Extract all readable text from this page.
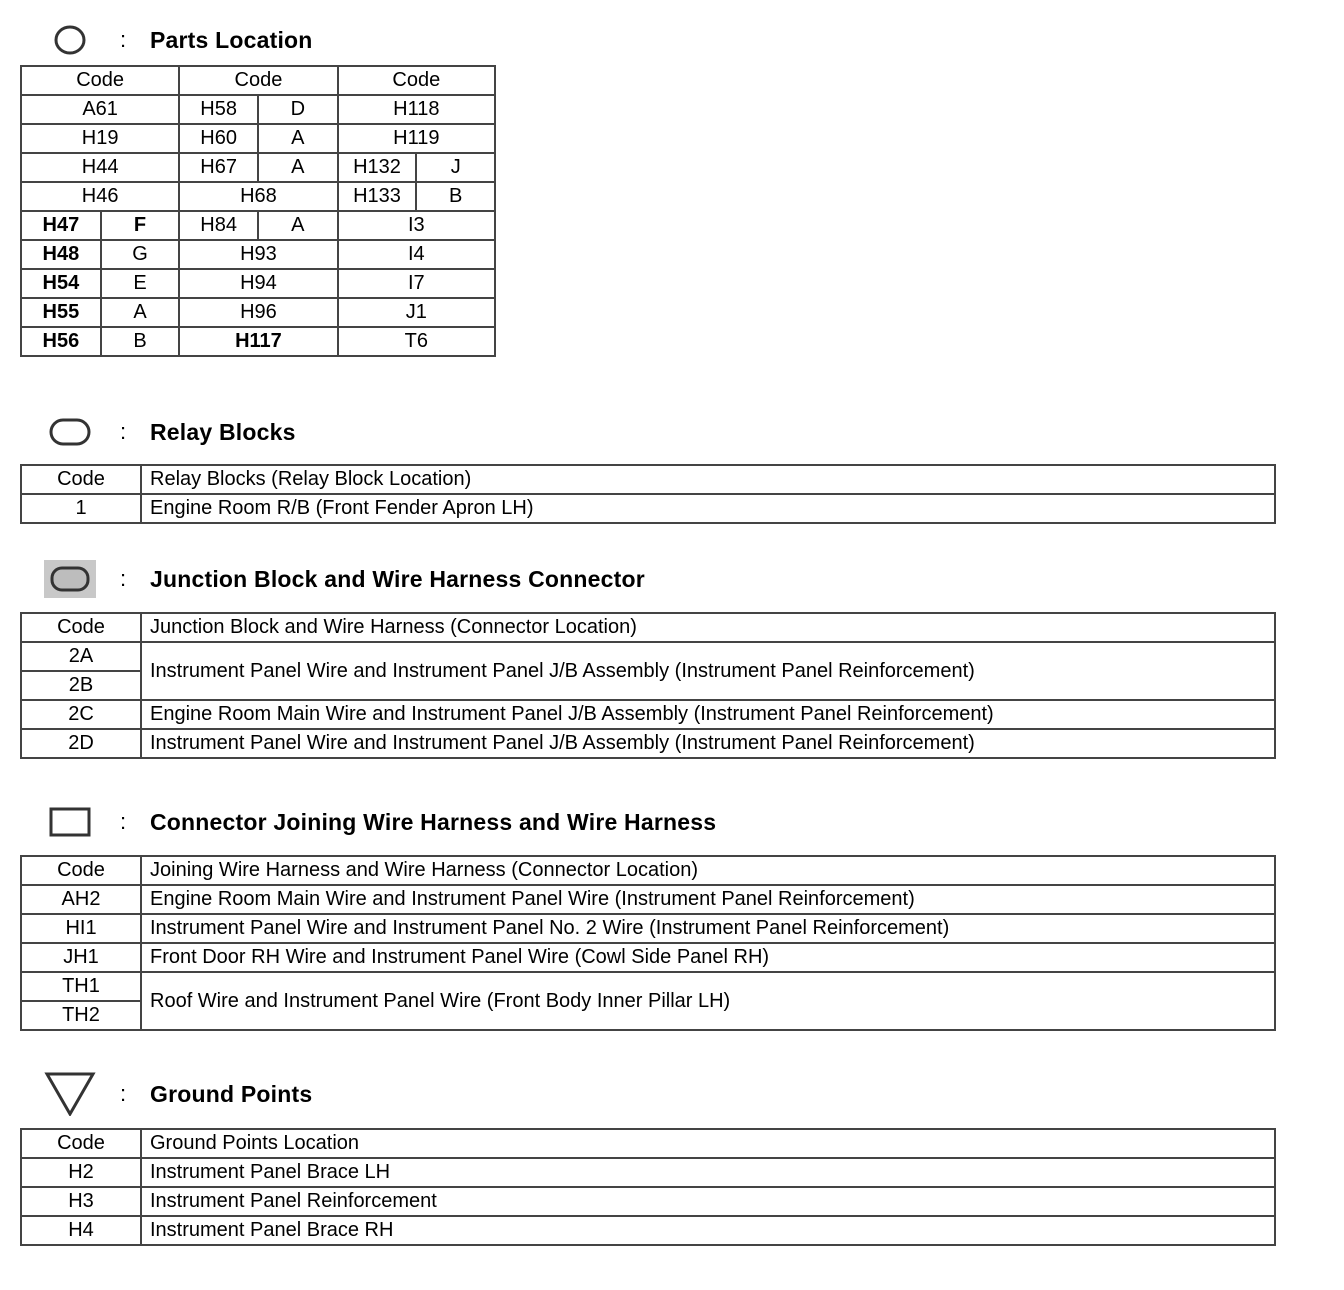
: Parts Location
Code		Code		Code	
A61		H58	D	H118	
H19		H60	A	H119	
H44		H67	A	H132	J
H46		H68		H133	B
H47	F	H84	A	I3	
H48	G	H93		I4	
H54	E	H94		I7	
H55	A	H96		J1	
H56	B	H117		T6	
: Relay Blocks
Code	Relay Blocks (Relay Block Location)
1	Engine Room R/B (Front Fender Apron LH)
: Junction Block and Wire Harness Connector
Code	Junction Block and Wire Harness (Connector Location)
2A	Instrument Panel Wire and Instrument Panel J/B Assembly (Instrument Panel Reinforcement)
2B	
2C	Engine Room Main Wire and Instrument Panel J/B Assembly (Instrument Panel Reinforcement)
2D	Instrument Panel Wire and Instrument Panel J/B Assembly (Instrument Panel Reinforcement)
: Connector Joining Wire Harness and Wire Harness
Code	Joining Wire Harness and Wire Harness (Connector Location)
AH2	Engine Room Main Wire and Instrument Panel Wire (Instrument Panel Reinforcement)
HI1	Instrument Panel Wire and Instrument Panel No. 2 Wire (Instrument Panel Reinforcement)
JH1	Front Door RH Wire and Instrument Panel Wire (Cowl Side Panel RH)
TH1	Roof Wire and Instrument Panel Wire (Front Body Inner Pillar LH)
TH2	
: Ground Points
Code	Ground Points Location
H2	Instrument Panel Brace LH
H3	Instrument Panel Reinforcement
H4	Instrument Panel Brace RH
